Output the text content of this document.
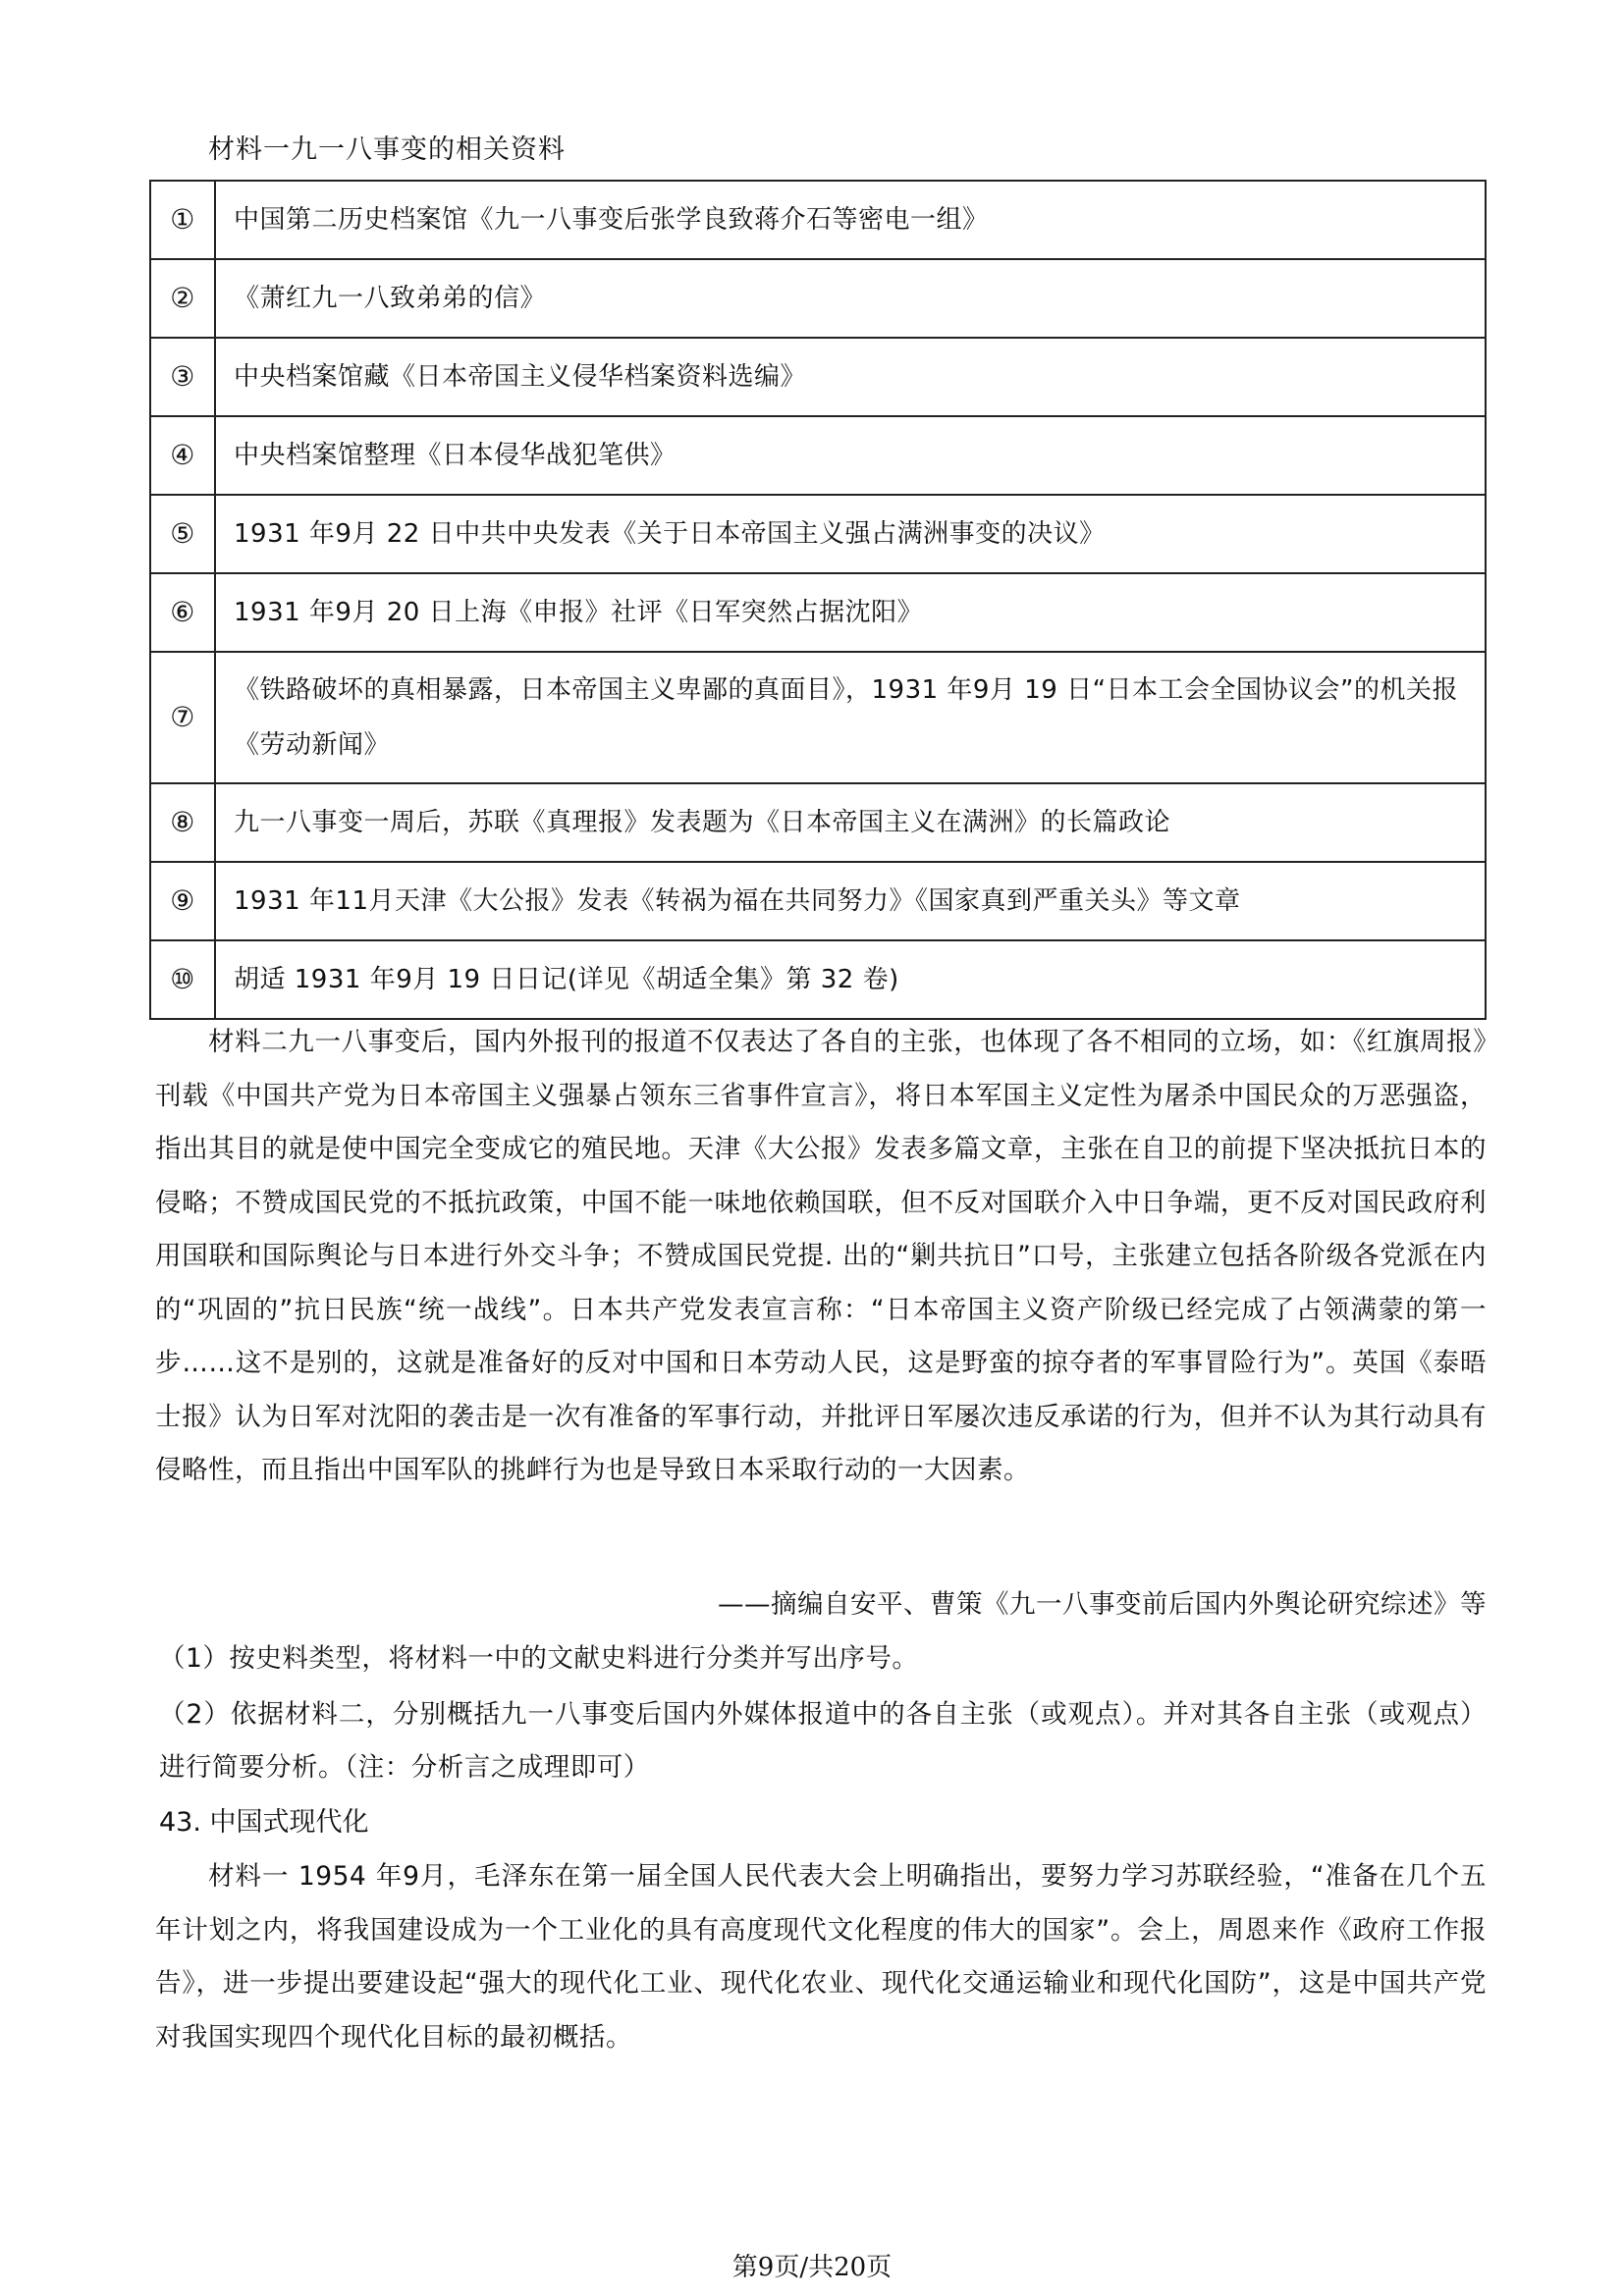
材料一九一八事变的相关资料
①	中国第二历史档案馆《九一八事变后张学良致蒋介石等密电一组》
②	《萧红九一八致弟弟的信》
③	中央档案馆藏《日本帝国主义侵华档案资料选编》
④	中央档案馆整理《日本侵华战犯笔供》
⑤	1931 年9月 22 日中共中央发表《关于日本帝国主义强占满洲事变的决议》
⑥	1931 年9月 20 日上海《申报》社评《日军突然占据沈阳》
⑦	《铁路破坏的真相暴露，日本帝国主义卑鄙的真面目》，1931 年9月 19 日“日本工会全国协议会”的机关报《劳动新闻》
⑧	九一八事变一周后，苏联《真理报》发表题为《日本帝国主义在满洲》的长篇政论
⑨	1931 年11月天津《大公报》发表《转祸为福在共同努力》《国家真到严重关头》等文章
⑩	胡适 1931 年9月 19 日日记(详见《胡适全集》第 32 卷)
材料二九一八事变后，国内外报刊的报道不仅表达了各自的主张，也体现了各不相同的立场，如：《红旗周报》刊载《中国共产党为日本帝国主义强暴占领东三省事件宣言》，将日本军国主义定性为屠杀中国民众的万恶强盗，指出其目的就是使中国完全变成它的殖民地。天津《大公报》发表多篇文章，主张在自卫的前提下坚决抵抗日本的侵略；不赞成国民党的不抵抗政策，中国不能一味地依赖国联，但不反对国联介入中日争端，更不反对国民政府利用国联和国际舆论与日本进行外交斗争；不赞成国民党提. 出的“剿共抗日”口号，主张建立包括各阶级各党派在内的“巩固的”抗日民族“统一战线”。日本共产党发表宣言称：“日本帝国主义资产阶级已经完成了占领满蒙的第一步……这不是别的，这就是准备好的反对中国和日本劳动人民，这是野蛮的掠夺者的军事冒险行为”。英国《泰晤士报》认为日军对沈阳的袭击是一次有准备的军事行动，并批评日军屡次违反承诺的行为，但并不认为其行动具有侵略性，而且指出中国军队的挑衅行为也是导致日本采取行动的一大因素。
——摘编自安平、曹策《九一八事变前后国内外舆论研究综述》等
（1）按史料类型，将材料一中的文献史料进行分类并写出序号。
（2）依据材料二，分别概括九一八事变后国内外媒体报道中的各自主张（或观点）。并对其各自主张（或观点）进行简要分析。（注：分析言之成理即可）
43. 中国式现代化
材料一 1954 年9月，毛泽东在第一届全国人民代表大会上明确指出，要努力学习苏联经验，“准备在几个五年计划之内，将我国建设成为一个工业化的具有高度现代文化程度的伟大的国家”。会上，周恩来作《政府工作报告》，进一步提出要建设起“强大的现代化工业、现代化农业、现代化交通运输业和现代化国防”，这是中国共产党对我国实现四个现代化目标的最初概括。
第9页/共20页
